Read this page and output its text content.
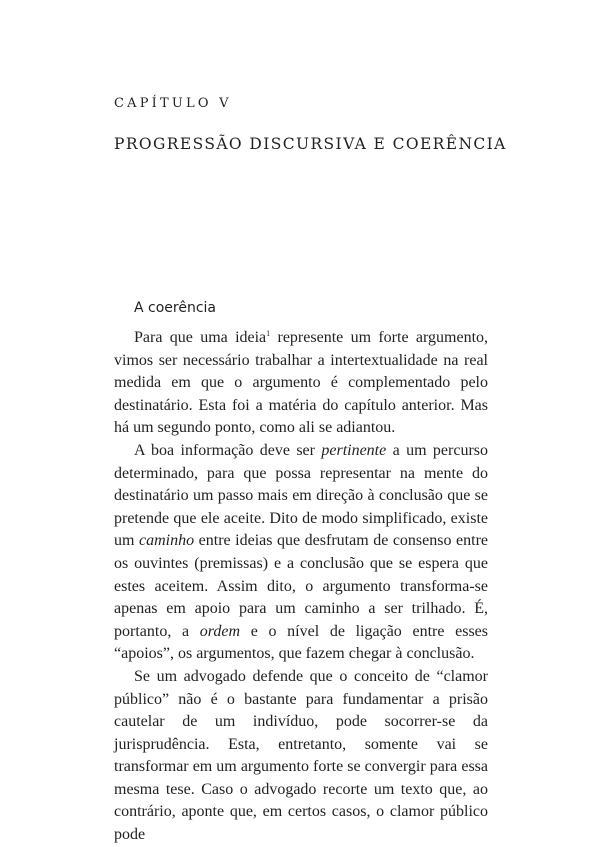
CAPÍTULO V
PROGRESSÃO DISCURSIVA E COERÊNCIA
A coerência

Para que uma ideia$^1$ represente um forte argumento, vimos ser necessário trabalhar a intertextualidade na real medida em que o argumento é complementado pelo destinatário. Esta foi a matéria do capítulo anterior. Mas há um segundo ponto, como ali se adiantou.

A boa informação deve ser pertinente a um percurso determinado, para que possa representar na mente do destinatário um passo mais em direção à conclusão que se pretende que ele aceite. Dito de modo simplificado, existe um caminho entre ideias que desfrutam de consenso entre os ouvintes (premissas) e a conclusão que se espera que estes aceitem. Assim dito, o argumento transforma-se apenas em apoio para um caminho a ser trilhado. É, portanto, a ordem e o nível de ligação entre esses “apoios”, os argumentos, que fazem chegar à conclusão.

Se um advogado defende que o conceito de “clamor público” não é o bastante para fundamentar a prisão cautelar de um indivíduo, pode socorrer-se da jurisprudência. Esta, entretanto, somente vai se transformar em um argumento forte se convergir para essa mesma tese. Caso o advogado recorte um texto que, ao contrário, aponte que, em certos casos, o clamor público pode
